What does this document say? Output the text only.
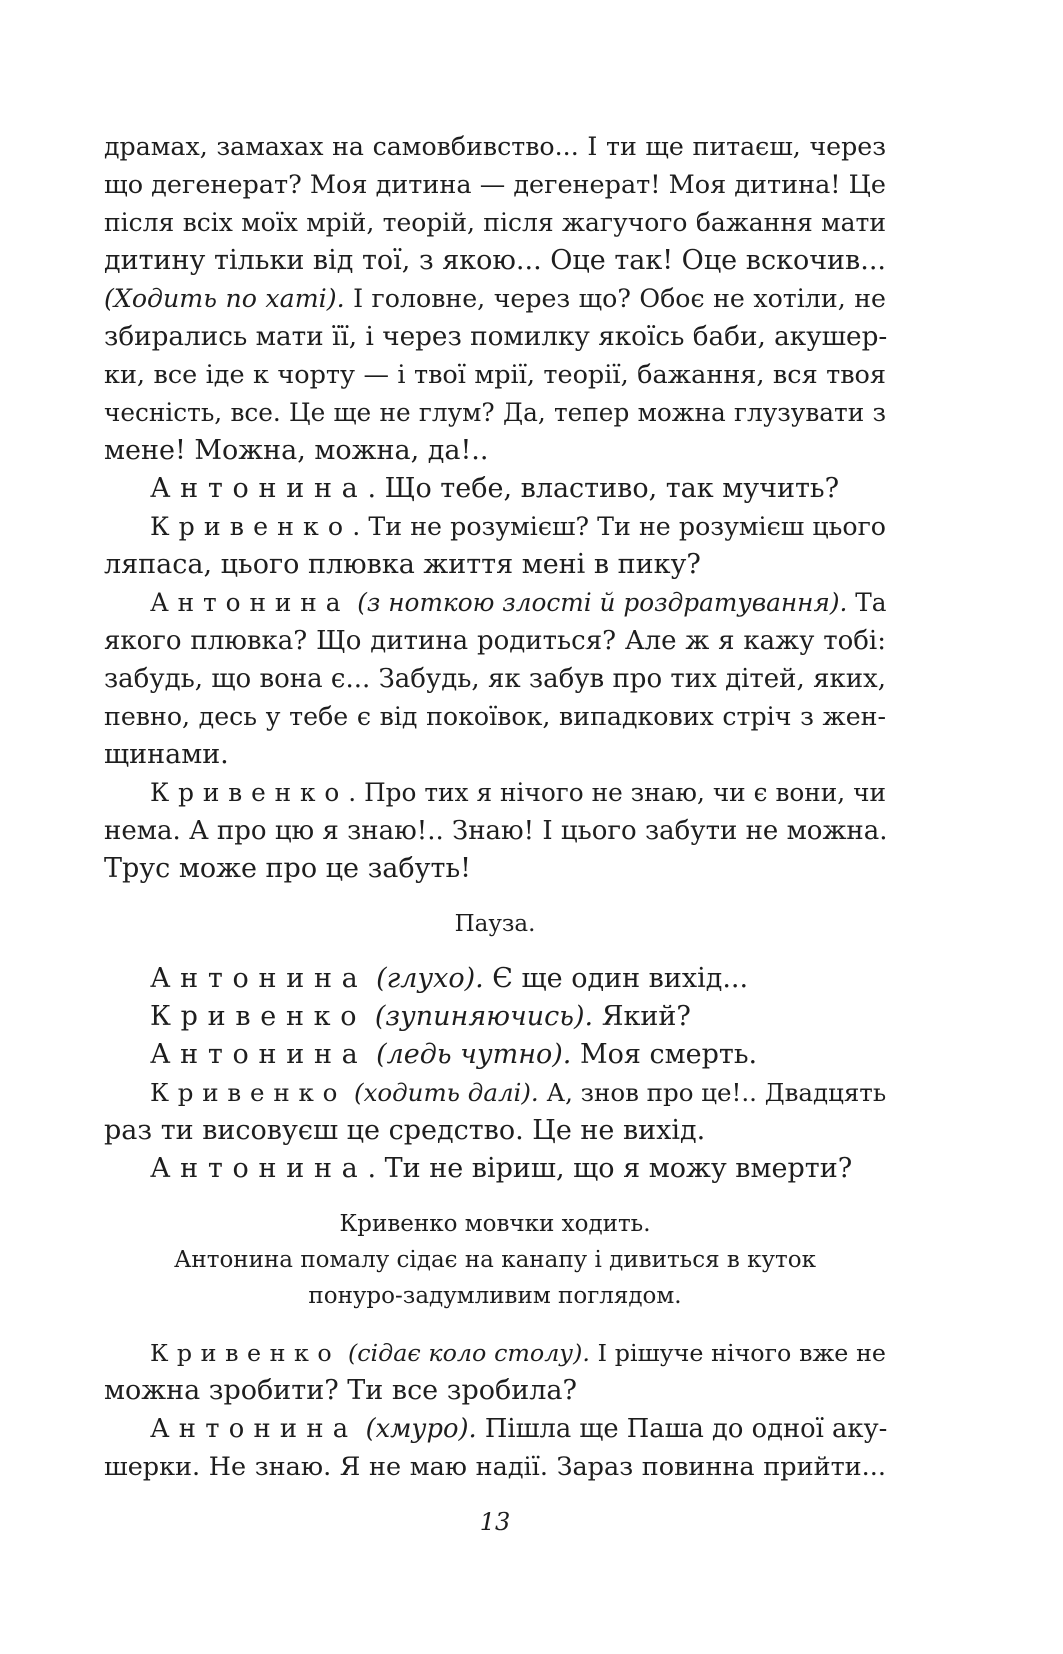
драмах, замахах на самовбивство... І ти ще питаєш, через
що дегенерат? Моя дитина — дегенерат! Моя дитина! Це
після всіх моїх мрій, теорій, після жагучого бажання мати
дитину тільки від тої, з якою... Оце так! Оце вскочив...
(Ходить по хаті). І головне, через що? Обоє не хотіли, не
збирались мати її, і через помилку якоїсь баби, акушер-
ки, все іде к чорту — і твої мрії, теорії, бажання, вся твоя
чесність, все. Це ще не глум? Да, тепер можна глузувати з
мене! Можна, можна, да!..
Антонина. Що тебе, властиво, так мучить?
Кривенко. Ти не розумієш? Ти не розумієш цього
ляпаса, цього плювка життя мені в пику?
Антонина (з ноткою злості й роздратування). Та
якого плювка? Що дитина родиться? Але ж я кажу тобі:
забудь, що вона є... Забудь, як забув про тих дітей, яких,
певно, десь у тебе є від покоївок, випадкових стріч з жен-
щинами.
Кривенко. Про тих я нічого не знаю, чи є вони, чи
нема. А про цю я знаю!.. Знаю! І цього забути не можна.
Трус може про це забуть!
Пауза.
Антонина (глухо). Є ще один вихід...
Кривенко (зупиняючись). Який?
Антонина (ледь чутно). Моя смерть.
Кривенко (ходить далі). А, знов про це!.. Двадцять
раз ти висовуєш це средство. Це не вихід.
Антонина. Ти не віриш, що я можу вмерти?
Кривенко мовчки ходить.
Антонина помалу сідає на канапу і дивиться в куток
понуро-задумливим поглядом.
Кривенко (сідає коло столу). І рішуче нічого вже не
можна зробити? Ти все зробила?
Антонина (хмуро). Пішла ще Паша до одної аку-
шерки. Не знаю. Я не маю надії. Зараз повинна прийти...
13
